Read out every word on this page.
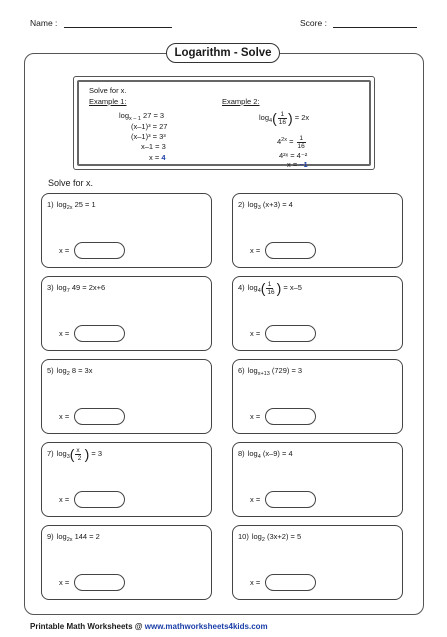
Name :	Score :
Logarithm - Solve
Solve for x.
Example 1:
$\log_{x - 1} 27 = 3$
(x–1)³ = 27
(x–1)³ = 3³
x–1 = 3
x = 4
Example 2:
$\log_4( \frac{1}{16}$ ) = 2x
$4^{2x} = \frac{1}{16}$
4²ˣ = 4⁻²
x = –1
Solve for x.
1) $\log_{2x} 25 = 1$
x =
2) $\log_3 (x+3) = 4$
x =
3) $\log_7 49 = 2x+6$
x =
4) $\log_4( \frac{1}{16}$ ) = x–5
x =
5) $\log_2 8 = 3x$
x =
6) $\log_{x+13} (729) = 3$
x =
7) $\log_3( \frac{x}{2}$ ) = 3
x =
8) $\log_4 (x-9) = 4$
x =
9) $\log_{2x} 144 = 2$
x =
10) $\log_2 (3x+2) = 5$
x =
Printable Math Worksheets @ www.mathworksheets4kids.com
